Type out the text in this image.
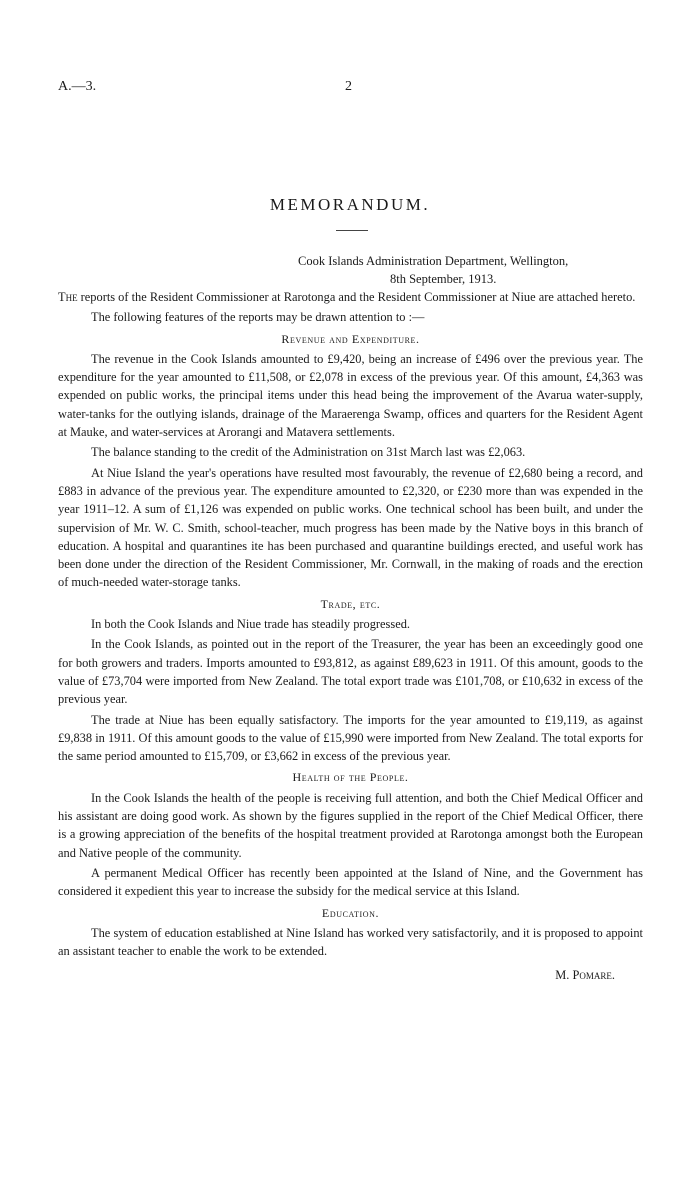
A.—3.	2
MEMORANDUM.
Cook Islands Administration Department, Wellington,
8th September, 1913.

The reports of the Resident Commissioner at Rarotonga and the Resident Commissioner at Niue are attached hereto.

The following features of the reports may be drawn attention to :—

Revenue and Expenditure.

The revenue in the Cook Islands amounted to £9,420, being an increase of £496 over the previous year. The expenditure for the year amounted to £11,508, or £2,078 in excess of the previous year. Of this amount, £4,363 was expended on public works, the principal items under this head being the improvement of the Avarua water-supply, water-tanks for the outlying islands, drainage of the Maraerenga Swamp, offices and quarters for the Resident Agent at Mauke, and water-services at Arorangi and Matavera settlements.

The balance standing to the credit of the Administration on 31st March last was £2,063.

At Niue Island the year's operations have resulted most favourably, the revenue of £2,680 being a record, and £883 in advance of the previous year. The expenditure amounted to £2,320, or £230 more than was expended in the year 1911–12. A sum of £1,126 was expended on public works. One technical school has been built, and under the supervision of Mr. W. C. Smith, school-teacher, much progress has been made by the Native boys in this branch of education. A hospital and quarantines ite has been purchased and quarantine buildings erected, and useful work has been done under the direction of the Resident Commissioner, Mr. Cornwall, in the making of roads and the erection of much-needed water-storage tanks.

Trade, etc.

In both the Cook Islands and Niue trade has steadily progressed.

In the Cook Islands, as pointed out in the report of the Treasurer, the year has been an exceedingly good one for both growers and traders. Imports amounted to £93,812, as against £89,623 in 1911. Of this amount, goods to the value of £73,704 were imported from New Zealand. The total export trade was £101,708, or £10,632 in excess of the previous year.

The trade at Niue has been equally satisfactory. The imports for the year amounted to £19,119, as against £9,838 in 1911. Of this amount goods to the value of £15,990 were imported from New Zealand. The total exports for the same period amounted to £15,709, or £3,662 in excess of the previous year.

Health of the People.

In the Cook Islands the health of the people is receiving full attention, and both the Chief Medical Officer and his assistant are doing good work. As shown by the figures supplied in the report of the Chief Medical Officer, there is a growing appreciation of the benefits of the hospital treatment provided at Rarotonga amongst both the European and Native people of the community.

A permanent Medical Officer has recently been appointed at the Island of Nine, and the Government has considered it expedient this year to increase the subsidy for the medical service at this Island.

Education.

The system of education established at Nine Island has worked very satisfactorily, and it is proposed to appoint an assistant teacher to enable the work to be extended.

M. Pomare.
